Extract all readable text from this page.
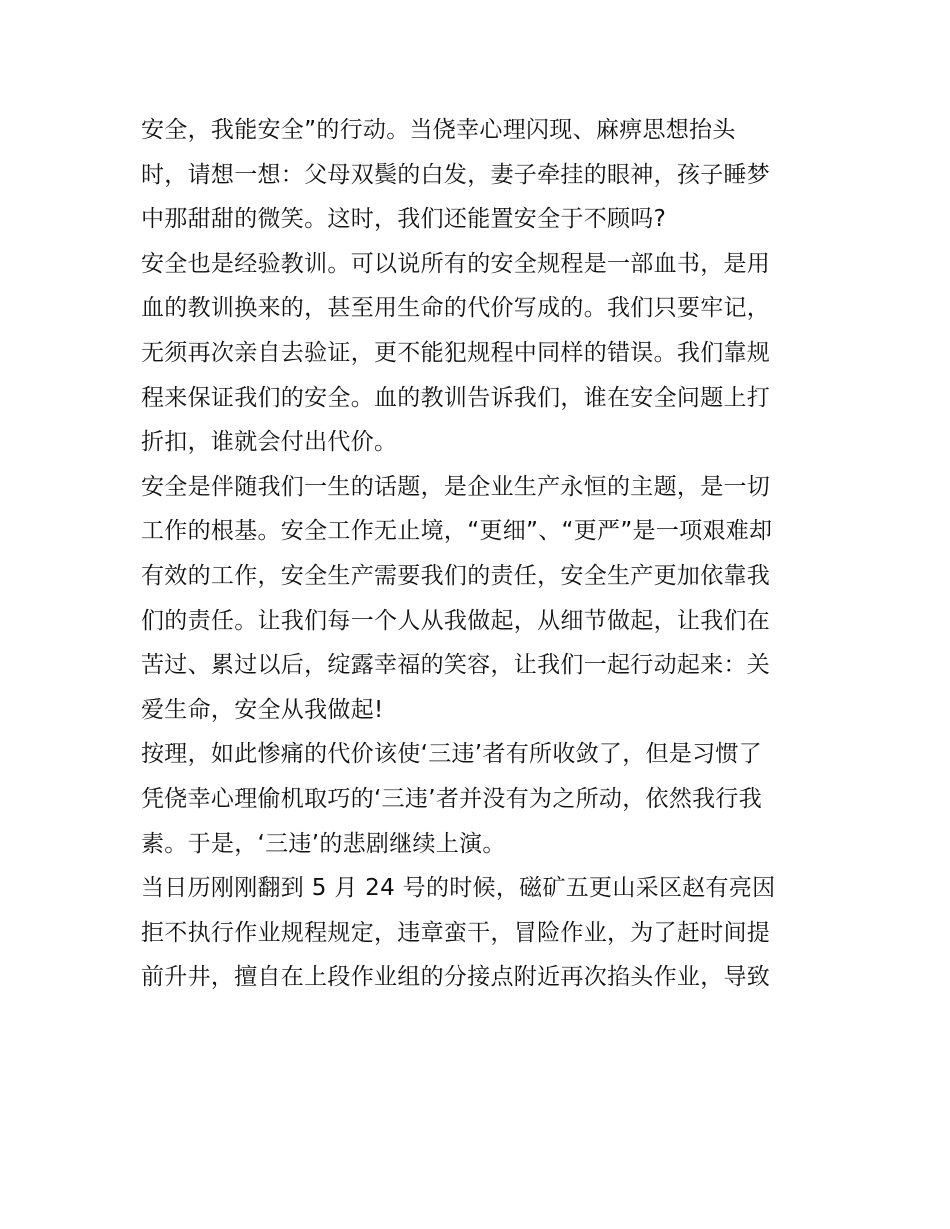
安全，我能安全”的行动。当侥幸心理闪现、麻痹思想抬头
时，请想一想：父母双鬓的白发，妻子牵挂的眼神，孩子睡梦
中那甜甜的微笑。这时，我们还能置安全于不顾吗?
安全也是经验教训。可以说所有的安全规程是一部血书，是用
血的教训换来的，甚至用生命的代价写成的。我们只要牢记，
无须再次亲自去验证，更不能犯规程中同样的错误。我们靠规
程来保证我们的安全。血的教训告诉我们，谁在安全问题上打
折扣，谁就会付出代价。
安全是伴随我们一生的话题，是企业生产永恒的主题，是一切
工作的根基。安全工作无止境，“更细”、“更严”是一项艰难却
有效的工作，安全生产需要我们的责任，安全生产更加依靠我
们的责任。让我们每一个人从我做起，从细节做起，让我们在
苦过、累过以后，绽露幸福的笑容，让我们一起行动起来：关
爱生命，安全从我做起!
按理，如此惨痛的代价该使‘三违’者有所收敛了，但是习惯了
凭侥幸心理偷机取巧的‘三违’者并没有为之所动，依然我行我
素。于是，‘三违’的悲剧继续上演。
当日历刚刚翻到 5 月 24 号的时候，磁矿五更山采区赵有亮因
拒不执行作业规程规定，违章蛮干，冒险作业，为了赶时间提
前升井，擅自在上段作业组的分接点附近再次掐头作业，导致
